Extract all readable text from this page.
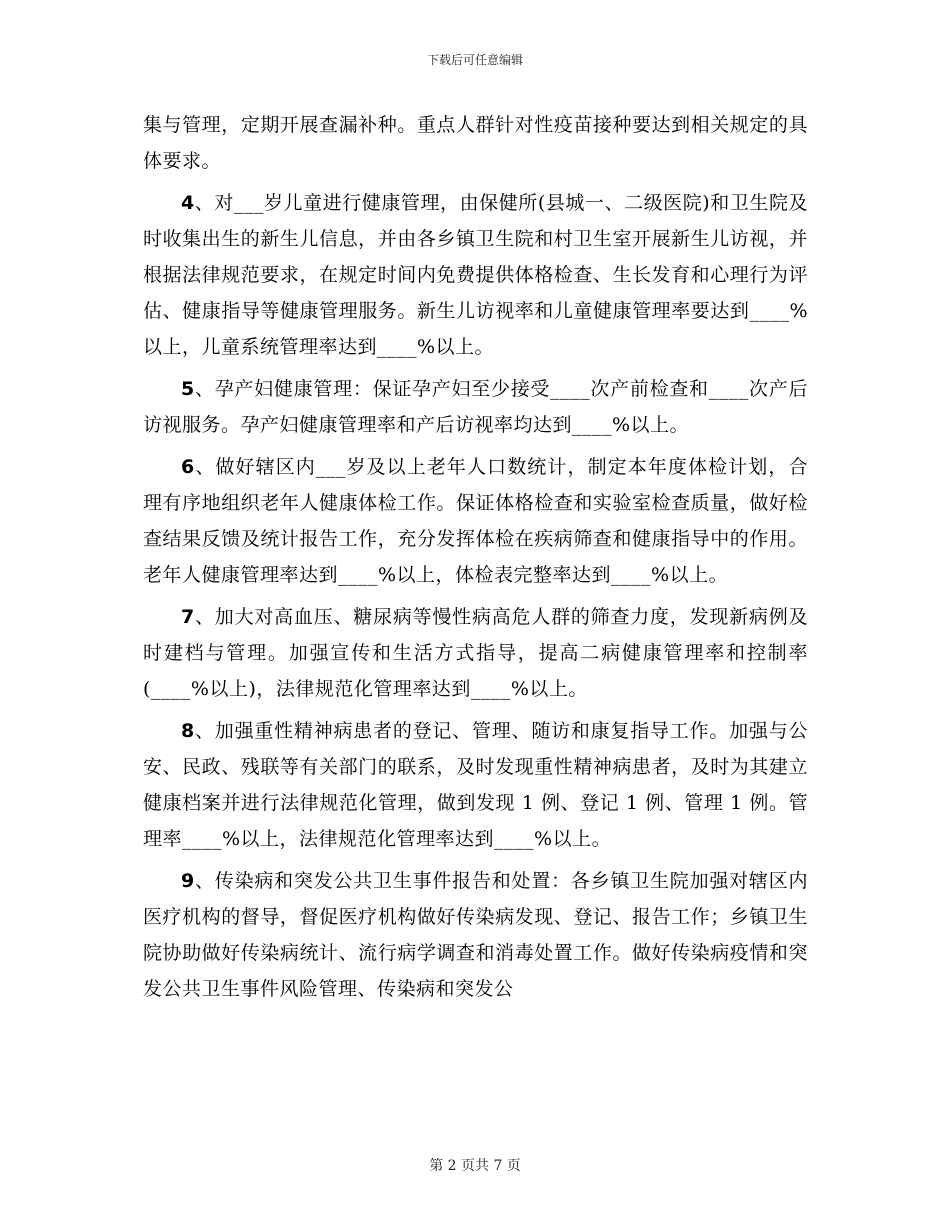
下载后可任意编辑

集与管理，定期开展查漏补种。重点人群针对性疫苗接种要达到相关规定的具体要求。

4、对___岁儿童进行健康管理，由保健所(县城一、二级医院)和卫生院及时收集出生的新生儿信息，并由各乡镇卫生院和村卫生室开展新生儿访视，并根据法律规范要求，在规定时间内免费提供体格检查、生长发育和心理行为评估、健康指导等健康管理服务。新生儿访视率和儿童健康管理率要达到____%以上，儿童系统管理率达到____%以上。

5、孕产妇健康管理：保证孕产妇至少接受____次产前检查和____次产后访视服务。孕产妇健康管理率和产后访视率均达到____%以上。

6、做好辖区内___岁及以上老年人口数统计，制定本年度体检计划，合理有序地组织老年人健康体检工作。保证体格检查和实验室检查质量，做好检查结果反馈及统计报告工作，充分发挥体检在疾病筛查和健康指导中的作用。老年人健康管理率达到____%以上，体检表完整率达到____%以上。

7、加大对高血压、糖尿病等慢性病高危人群的筛查力度，发现新病例及时建档与管理。加强宣传和生活方式指导，提高二病健康管理率和控制率(____%以上)，法律规范化管理率达到____%以上。

8、加强重性精神病患者的登记、管理、随访和康复指导工作。加强与公安、民政、残联等有关部门的联系，及时发现重性精神病患者，及时为其建立健康档案并进行法律规范化管理，做到发现 1 例、登记 1 例、管理 1 例。管理率____%以上，法律规范化管理率达到____%以上。

9、传染病和突发公共卫生事件报告和处置：各乡镇卫生院加强对辖区内医疗机构的督导，督促医疗机构做好传染病发现、登记、报告工作；乡镇卫生院协助做好传染病统计、流行病学调查和消毒处置工作。做好传染病疫情和突发公共卫生事件风险管理、传染病和突发公

第 2 页共 7 页
